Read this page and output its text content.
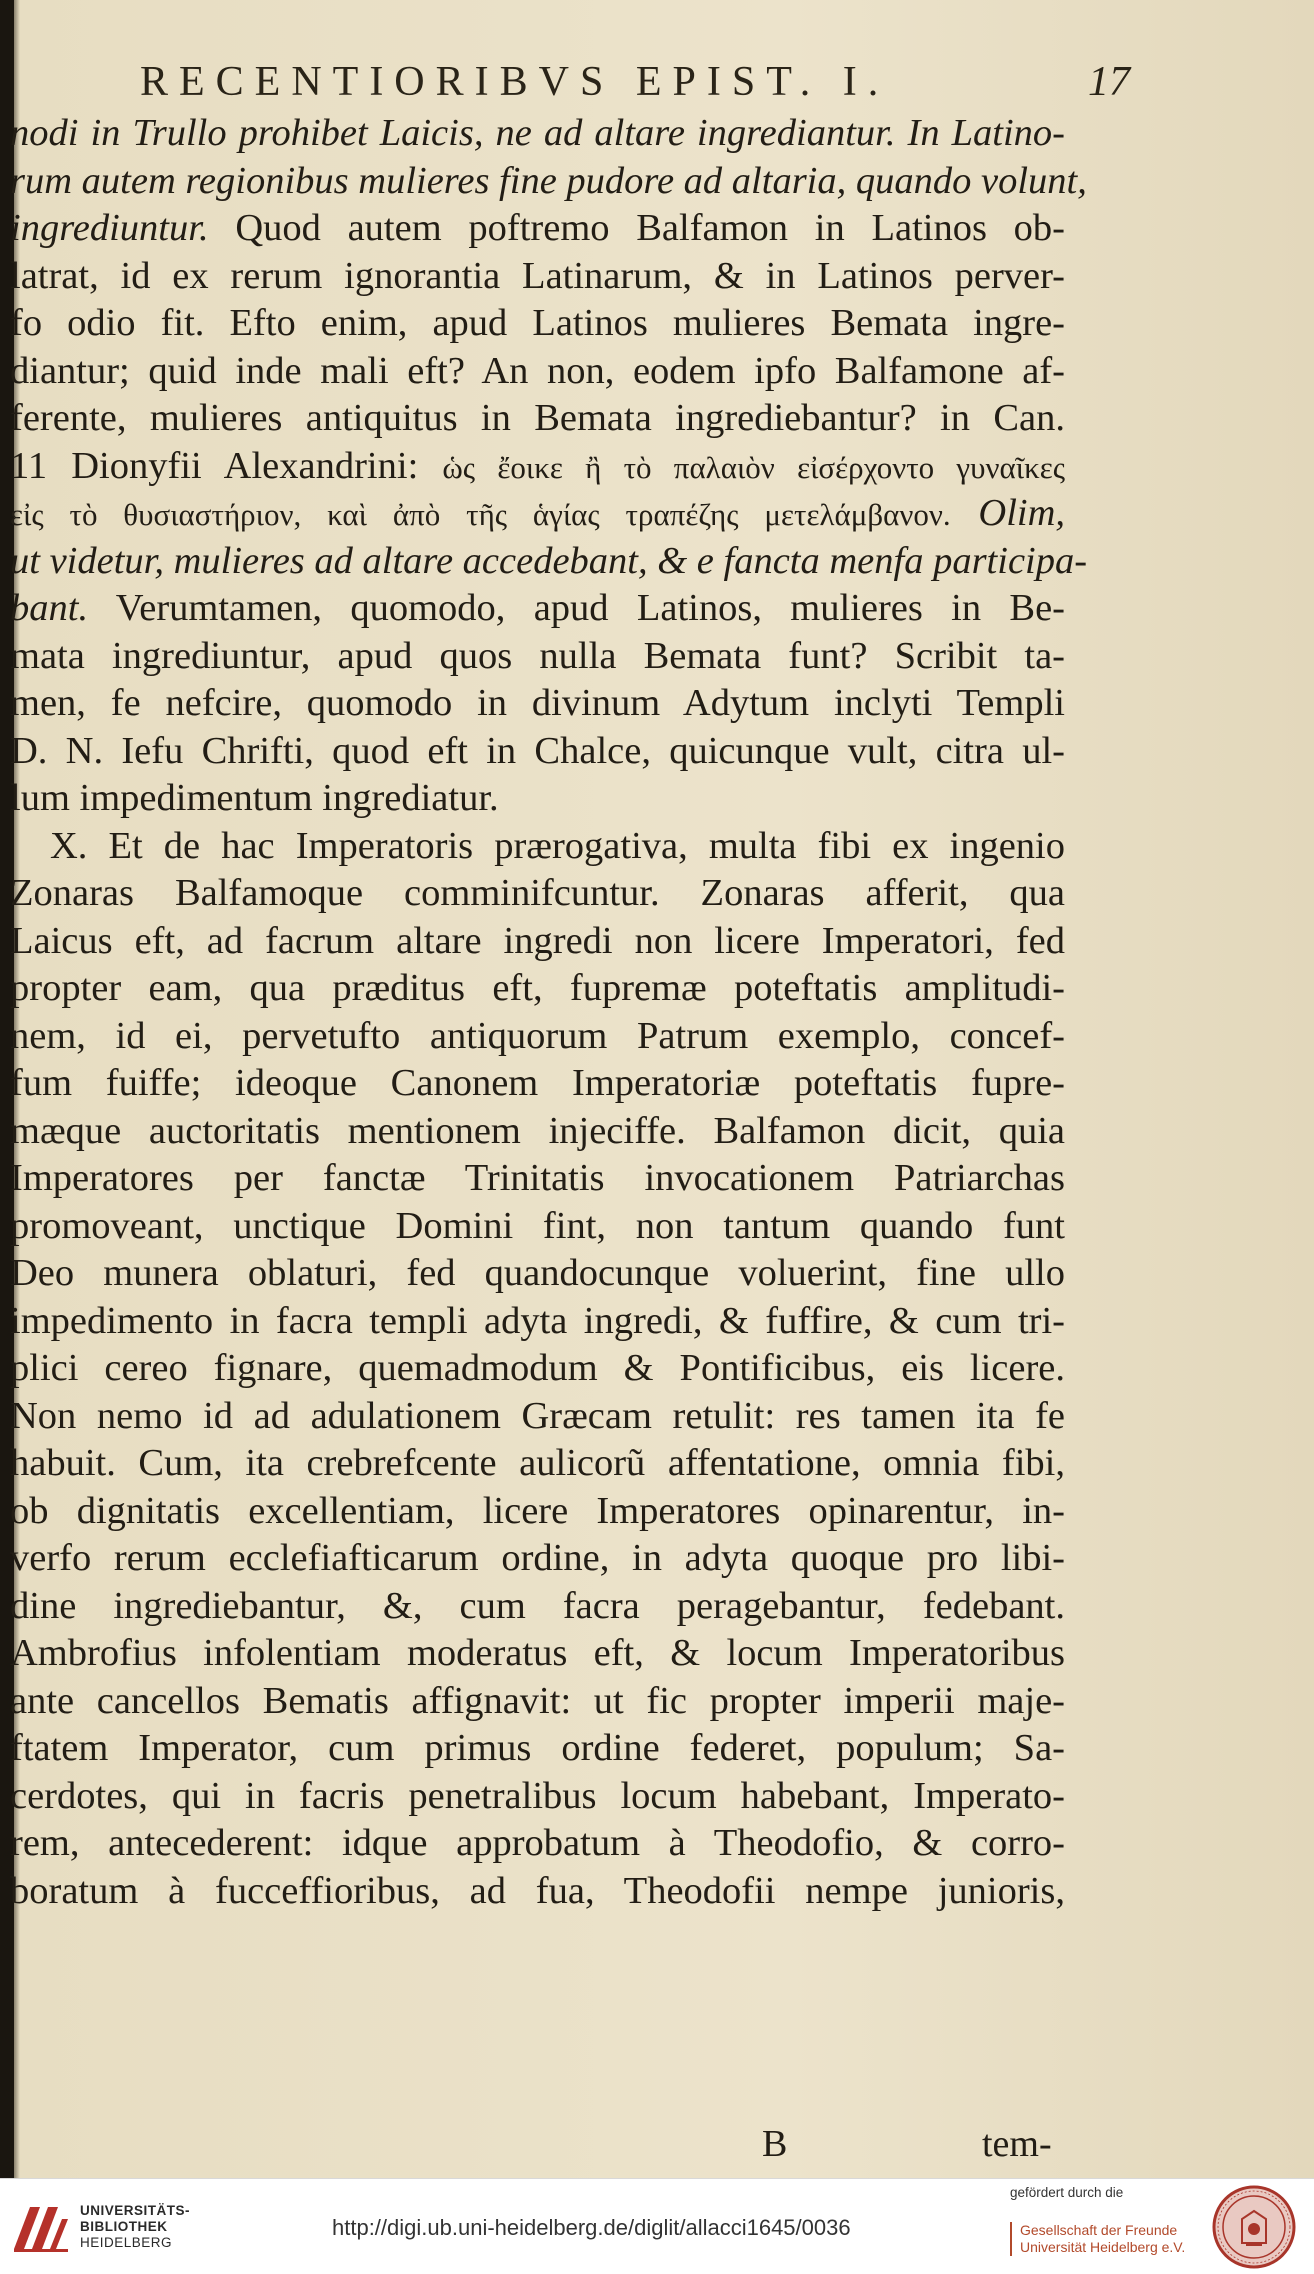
RECENTIORIBVS EPIST. I.	17
nodi in Trullo prohibet Laicis, ne ad altare ingrediantur. In Latino-
rum autem regionibus mulieres fine pudore ad altaria, quando volunt,
ingrediuntur. Quod autem poftremo Balfamon in Latinos ob-
latrat, id ex rerum ignorantia Latinarum, & in Latinos perver-
fo odio fit. Efto enim, apud Latinos mulieres Bemata ingre-
diantur; quid inde mali eft? An non, eodem ipfo Balfamone af-
ferente, mulieres antiquitus in Bemata ingrediebantur? in Can.
11 Dionyfii Alexandrini: ὡς ἔοικε ἢ τὸ παλαιὸν εἰσέρχοντο γυναῖκες
εἰς τὸ θυσιαστήριον, καὶ ἀπὸ τῆς ἁγίας τραπέζης μετελάμβανον. Olim,
ut videtur, mulieres ad altare accedebant, & e fancta menfa participa-
bant. Verumtamen, quomodo, apud Latinos, mulieres in Be-
mata ingrediuntur, apud quos nulla Bemata funt? Scribit ta-
men, fe nefcire, quomodo in divinum Adytum inclyti Templi
D. N. Iefu Chrifti, quod eft in Chalce, quicunque vult, citra ul-
lum impedimentum ingrediatur.
X. Et de hac Imperatoris prærogativa, multa fibi ex ingenio
Zonaras Balfamoque comminifcuntur. Zonaras afferit, qua
Laicus eft, ad facrum altare ingredi non licere Imperatori, fed
propter eam, qua præditus eft, fupremæ poteftatis amplitudi-
nem, id ei, pervetufto antiquorum Patrum exemplo, concef-
fum fuiffe; ideoque Canonem Imperatoriæ poteftatis fupre-
mæque auctoritatis mentionem injeciffe. Balfamon dicit, quia
Imperatores per fanctæ Trinitatis invocationem Patriarchas
promoveant, unctique Domini fint, non tantum quando funt
Deo munera oblaturi, fed quandocunque voluerint, fine ullo
impedimento in facra templi adyta ingredi, & fuffire, & cum tri-
plici cereo fignare, quemadmodum & Pontificibus, eis licere.
Non nemo id ad adulationem Græcam retulit: res tamen ita fe
habuit. Cum, ita crebrefcente aulicorũ affentatione, omnia fibi,
ob dignitatis excellentiam, licere Imperatores opinarentur, in-
verfo rerum ecclefiafticarum ordine, in adyta quoque pro libi-
dine ingrediebantur, &, cum facra peragebantur, fedebant.
Ambrofius infolentiam moderatus eft, & locum Imperatoribus
ante cancellos Bematis affignavit: ut fic propter imperii maje-
ftatem Imperator, cum primus ordine federet, populum; Sa-
cerdotes, qui in facris penetralibus locum habebant, Imperato-
rem, antecederent: idque approbatum à Theodofio, & corro-
boratum à fucceffioribus, ad fua, Theodofii nempe junioris,
B	tem-
UNIVERSITÄTS-
BIBLIOTHEK
HEIDELBERG
http://digi.ub.uni-heidelberg.de/diglit/allacci1645/0036
gefördert durch die
Gesellschaft der Freunde
Universität Heidelberg e.V.
